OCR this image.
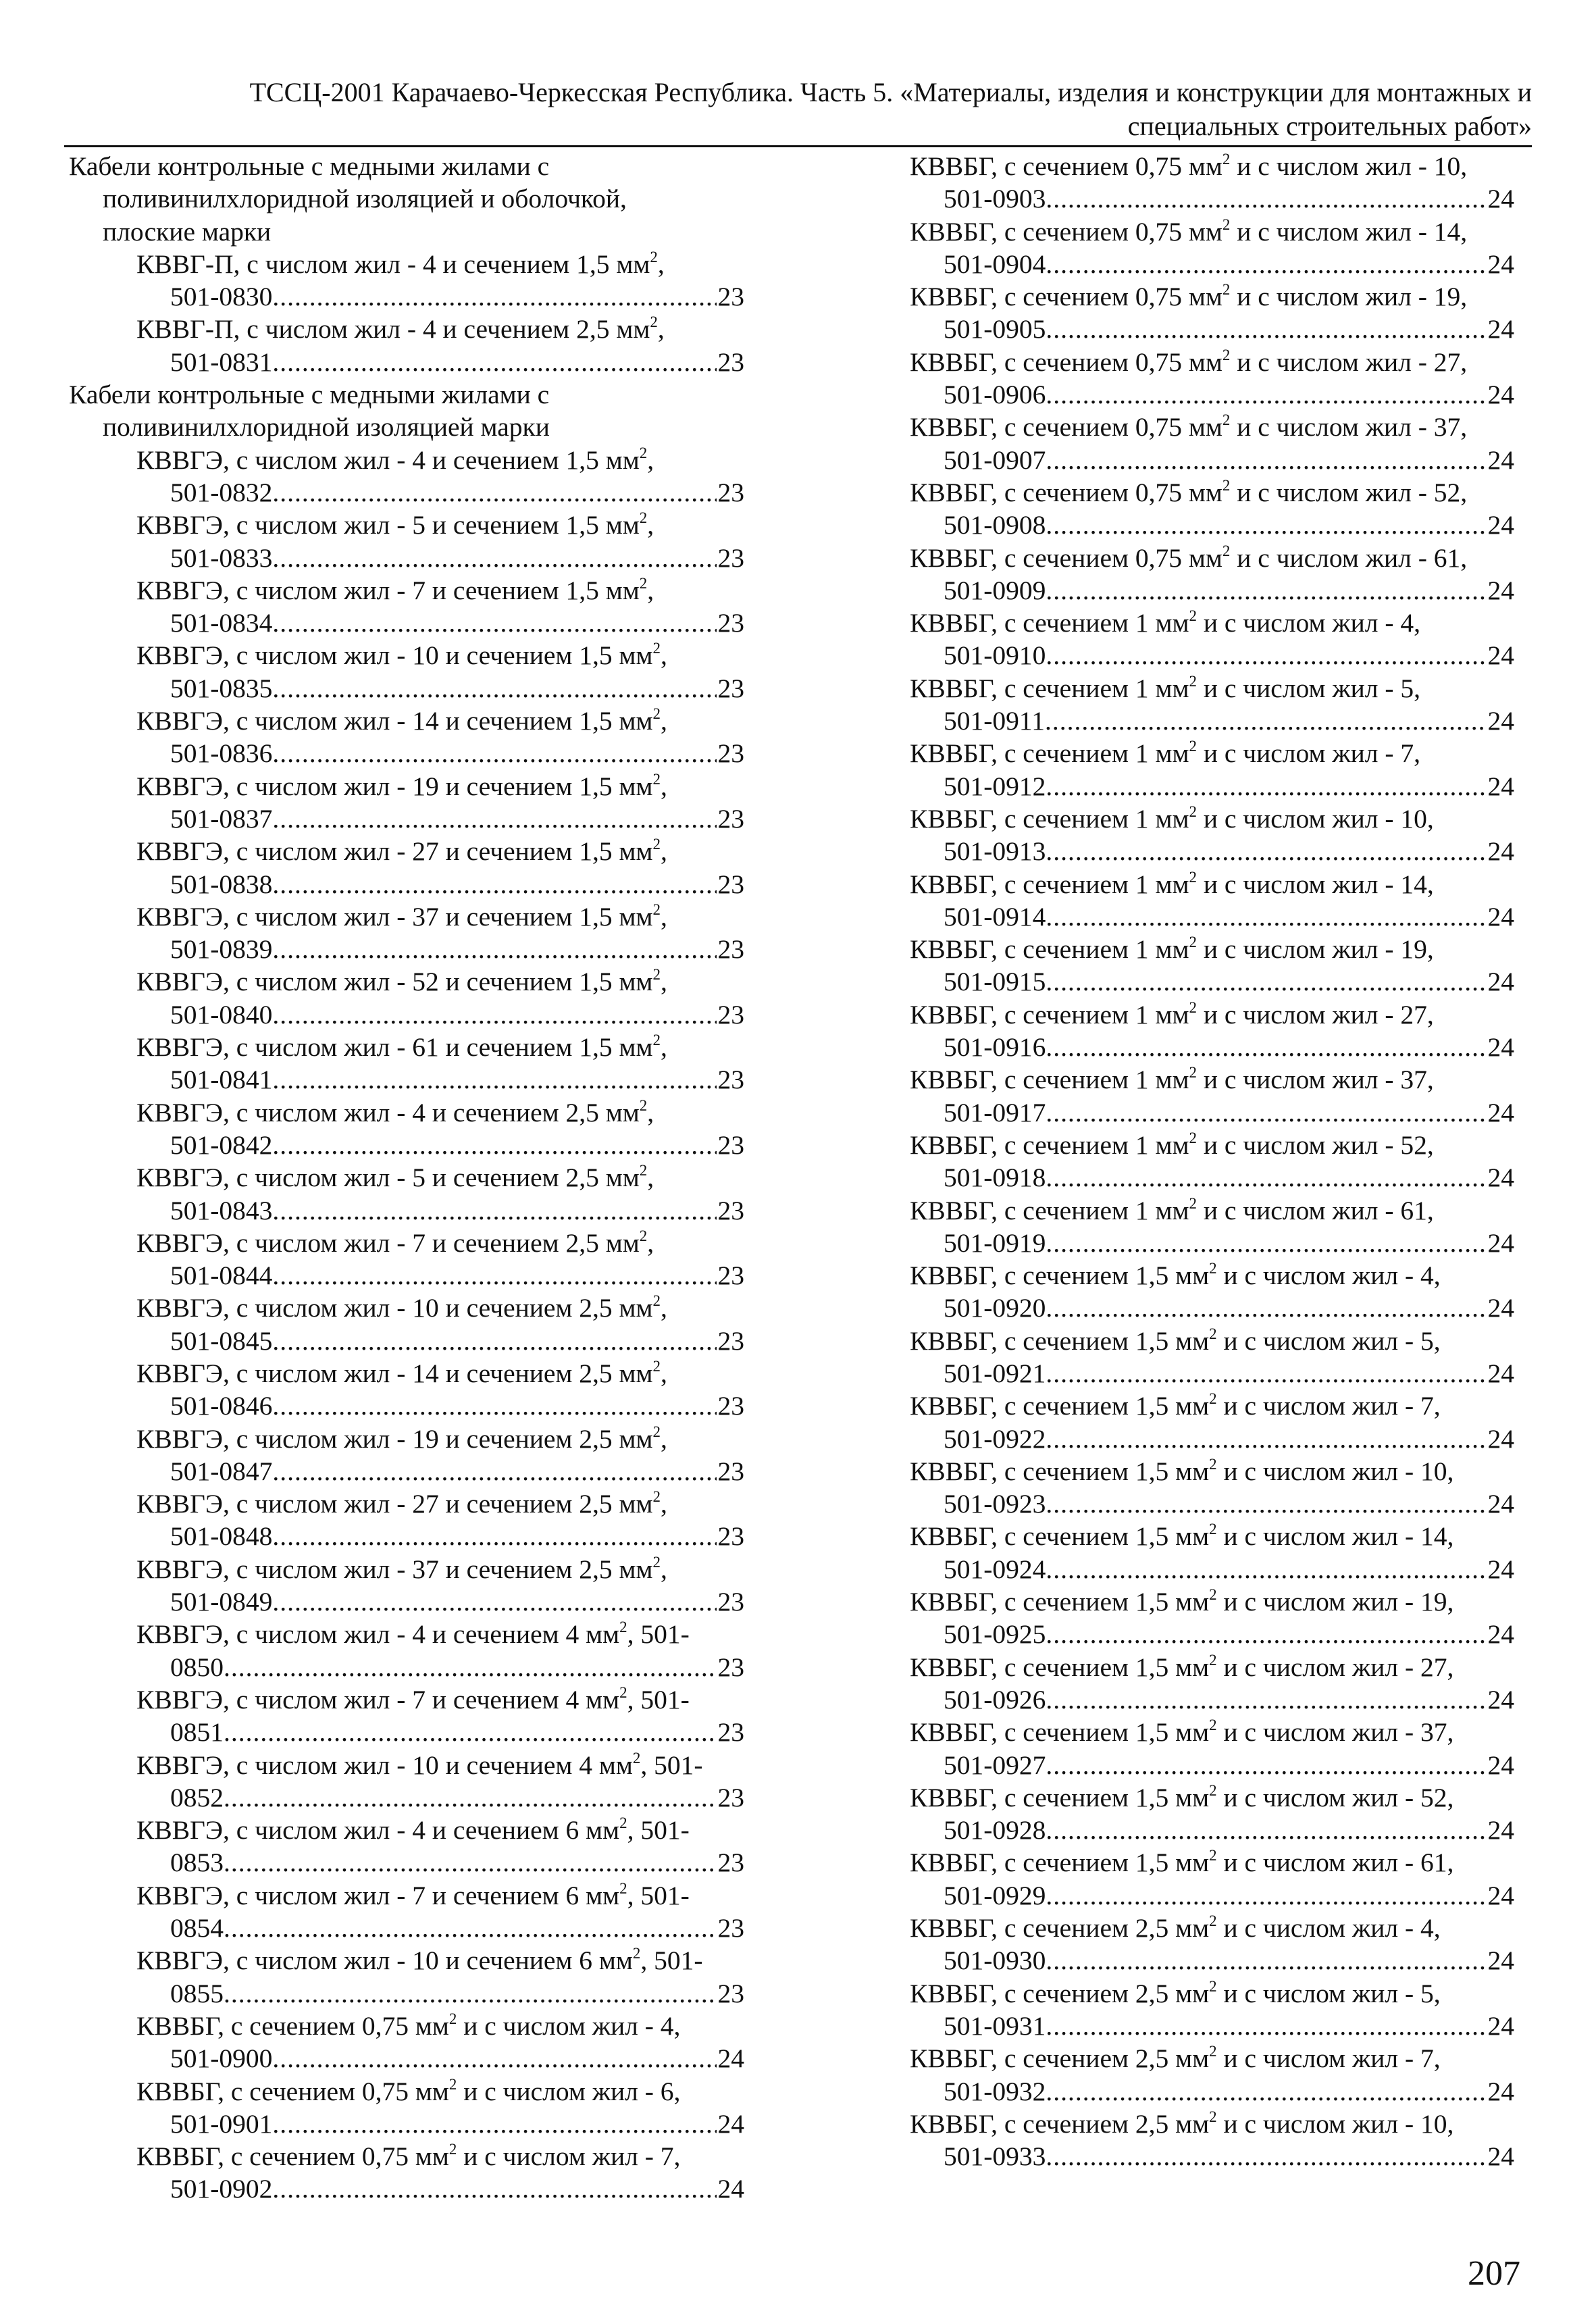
ТССЦ-2001 Карачаево-Черкесская Республика. Часть 5. «Материалы, изделия и конструкции для монтажных и
специальных строительных работ»
Кабели контрольные с медными жилами с
поливинилхлоридной изоляцией и оболочкой,
плоские марки
КВВГ-П, с числом жил - 4 и сечением 1,5 $мм^2$,
501-0830 .....	23
КВВГ-П, с числом жил - 4 и сечением 2,5 $мм^2$,
501-0831 .....	23
Кабели контрольные с медными жилами с
поливинилхлоридной изоляцией марки
КВВГЭ, с числом жил - 4 и сечением 1,5 $мм^2$,
501-0832 .....	23
КВВГЭ, с числом жил - 5 и сечением 1,5 $мм^2$,
501-0833 .....	23
КВВГЭ, с числом жил - 7 и сечением 1,5 $мм^2$,
501-0834 .....	23
КВВГЭ, с числом жил - 10 и сечением 1,5 $мм^2$,
501-0835 .....	23
КВВГЭ, с числом жил - 14 и сечением 1,5 $мм^2$,
501-0836 .....	23
КВВГЭ, с числом жил - 19 и сечением 1,5 $мм^2$,
501-0837 .....	23
КВВГЭ, с числом жил - 27 и сечением 1,5 $мм^2$,
501-0838 .....	23
КВВГЭ, с числом жил - 37 и сечением 1,5 $мм^2$,
501-0839 .....	23
КВВГЭ, с числом жил - 52 и сечением 1,5 $мм^2$,
501-0840 .....	23
КВВГЭ, с числом жил - 61 и сечением 1,5 $мм^2$,
501-0841 .....	23
КВВГЭ, с числом жил - 4 и сечением 2,5 $мм^2$,
501-0842 .....	23
КВВГЭ, с числом жил - 5 и сечением 2,5 $мм^2$,
501-0843 .....	23
КВВГЭ, с числом жил - 7 и сечением 2,5 $мм^2$,
501-0844 .....	23
КВВГЭ, с числом жил - 10 и сечением 2,5 $мм^2$,
501-0845 .....	23
КВВГЭ, с числом жил - 14 и сечением 2,5 $мм^2$,
501-0846 .....	23
КВВГЭ, с числом жил - 19 и сечением 2,5 $мм^2$,
501-0847 .....	23
КВВГЭ, с числом жил - 27 и сечением 2,5 $мм^2$,
501-0848 .....	23
КВВГЭ, с числом жил - 37 и сечением 2,5 $мм^2$,
501-0849 .....	23
КВВГЭ, с числом жил - 4 и сечением 4 $мм^2$, 501-
0850 .....	23
КВВГЭ, с числом жил - 7 и сечением 4 $мм^2$, 501-
0851 .....	23
КВВГЭ, с числом жил - 10 и сечением 4 $мм^2$, 501-
0852 .....	23
КВВГЭ, с числом жил - 4 и сечением 6 $мм^2$, 501-
0853 .....	23
КВВГЭ, с числом жил - 7 и сечением 6 $мм^2$, 501-
0854 .....	23
КВВГЭ, с числом жил - 10 и сечением 6 $мм^2$, 501-
0855 .....	23
КВВБГ, с сечением 0,75 $мм^2$ и с числом жил - 4,
501-0900 .....	24
КВВБГ, с сечением 0,75 $мм^2$ и с числом жил - 6,
501-0901 .....	24
КВВБГ, с сечением 0,75 $мм^2$ и с числом жил - 7,
501-0902 .....	24
КВВБГ, с сечением 0,75 $мм^2$ и с числом жил - 10,
501-0903 .....	24
КВВБГ, с сечением 0,75 $мм^2$ и с числом жил - 14,
501-0904 .....	24
КВВБГ, с сечением 0,75 $мм^2$ и с числом жил - 19,
501-0905 .....	24
КВВБГ, с сечением 0,75 $мм^2$ и с числом жил - 27,
501-0906 .....	24
КВВБГ, с сечением 0,75 $мм^2$ и с числом жил - 37,
501-0907 .....	24
КВВБГ, с сечением 0,75 $мм^2$ и с числом жил - 52,
501-0908 .....	24
КВВБГ, с сечением 0,75 $мм^2$ и с числом жил - 61,
501-0909 .....	24
КВВБГ, с сечением 1 $мм^2$ и с числом жил - 4,
501-0910 .....	24
КВВБГ, с сечением 1 $мм^2$ и с числом жил - 5,
501-0911 .....	24
КВВБГ, с сечением 1 $мм^2$ и с числом жил - 7,
501-0912 .....	24
КВВБГ, с сечением 1 $мм^2$ и с числом жил - 10,
501-0913 .....	24
КВВБГ, с сечением 1 $мм^2$ и с числом жил - 14,
501-0914 .....	24
КВВБГ, с сечением 1 $мм^2$ и с числом жил - 19,
501-0915 .....	24
КВВБГ, с сечением 1 $мм^2$ и с числом жил - 27,
501-0916 .....	24
КВВБГ, с сечением 1 $мм^2$ и с числом жил - 37,
501-0917 .....	24
КВВБГ, с сечением 1 $мм^2$ и с числом жил - 52,
501-0918 .....	24
КВВБГ, с сечением 1 $мм^2$ и с числом жил - 61,
501-0919 .....	24
КВВБГ, с сечением 1,5 $мм^2$ и с числом жил - 4,
501-0920 .....	24
КВВБГ, с сечением 1,5 $мм^2$ и с числом жил - 5,
501-0921 .....	24
КВВБГ, с сечением 1,5 $мм^2$ и с числом жил - 7,
501-0922 .....	24
КВВБГ, с сечением 1,5 $мм^2$ и с числом жил - 10,
501-0923 .....	24
КВВБГ, с сечением 1,5 $мм^2$ и с числом жил - 14,
501-0924 .....	24
КВВБГ, с сечением 1,5 $мм^2$ и с числом жил - 19,
501-0925 .....	24
КВВБГ, с сечением 1,5 $мм^2$ и с числом жил - 27,
501-0926 .....	24
КВВБГ, с сечением 1,5 $мм^2$ и с числом жил - 37,
501-0927 .....	24
КВВБГ, с сечением 1,5 $мм^2$ и с числом жил - 52,
501-0928 .....	24
КВВБГ, с сечением 1,5 $мм^2$ и с числом жил - 61,
501-0929 .....	24
КВВБГ, с сечением 2,5 $мм^2$ и с числом жил - 4,
501-0930 .....	24
КВВБГ, с сечением 2,5 $мм^2$ и с числом жил - 5,
501-0931 .....	24
КВВБГ, с сечением 2,5 $мм^2$ и с числом жил - 7,
501-0932 .....	24
КВВБГ, с сечением 2,5 $мм^2$ и с числом жил - 10,
501-0933 .....	24
207
